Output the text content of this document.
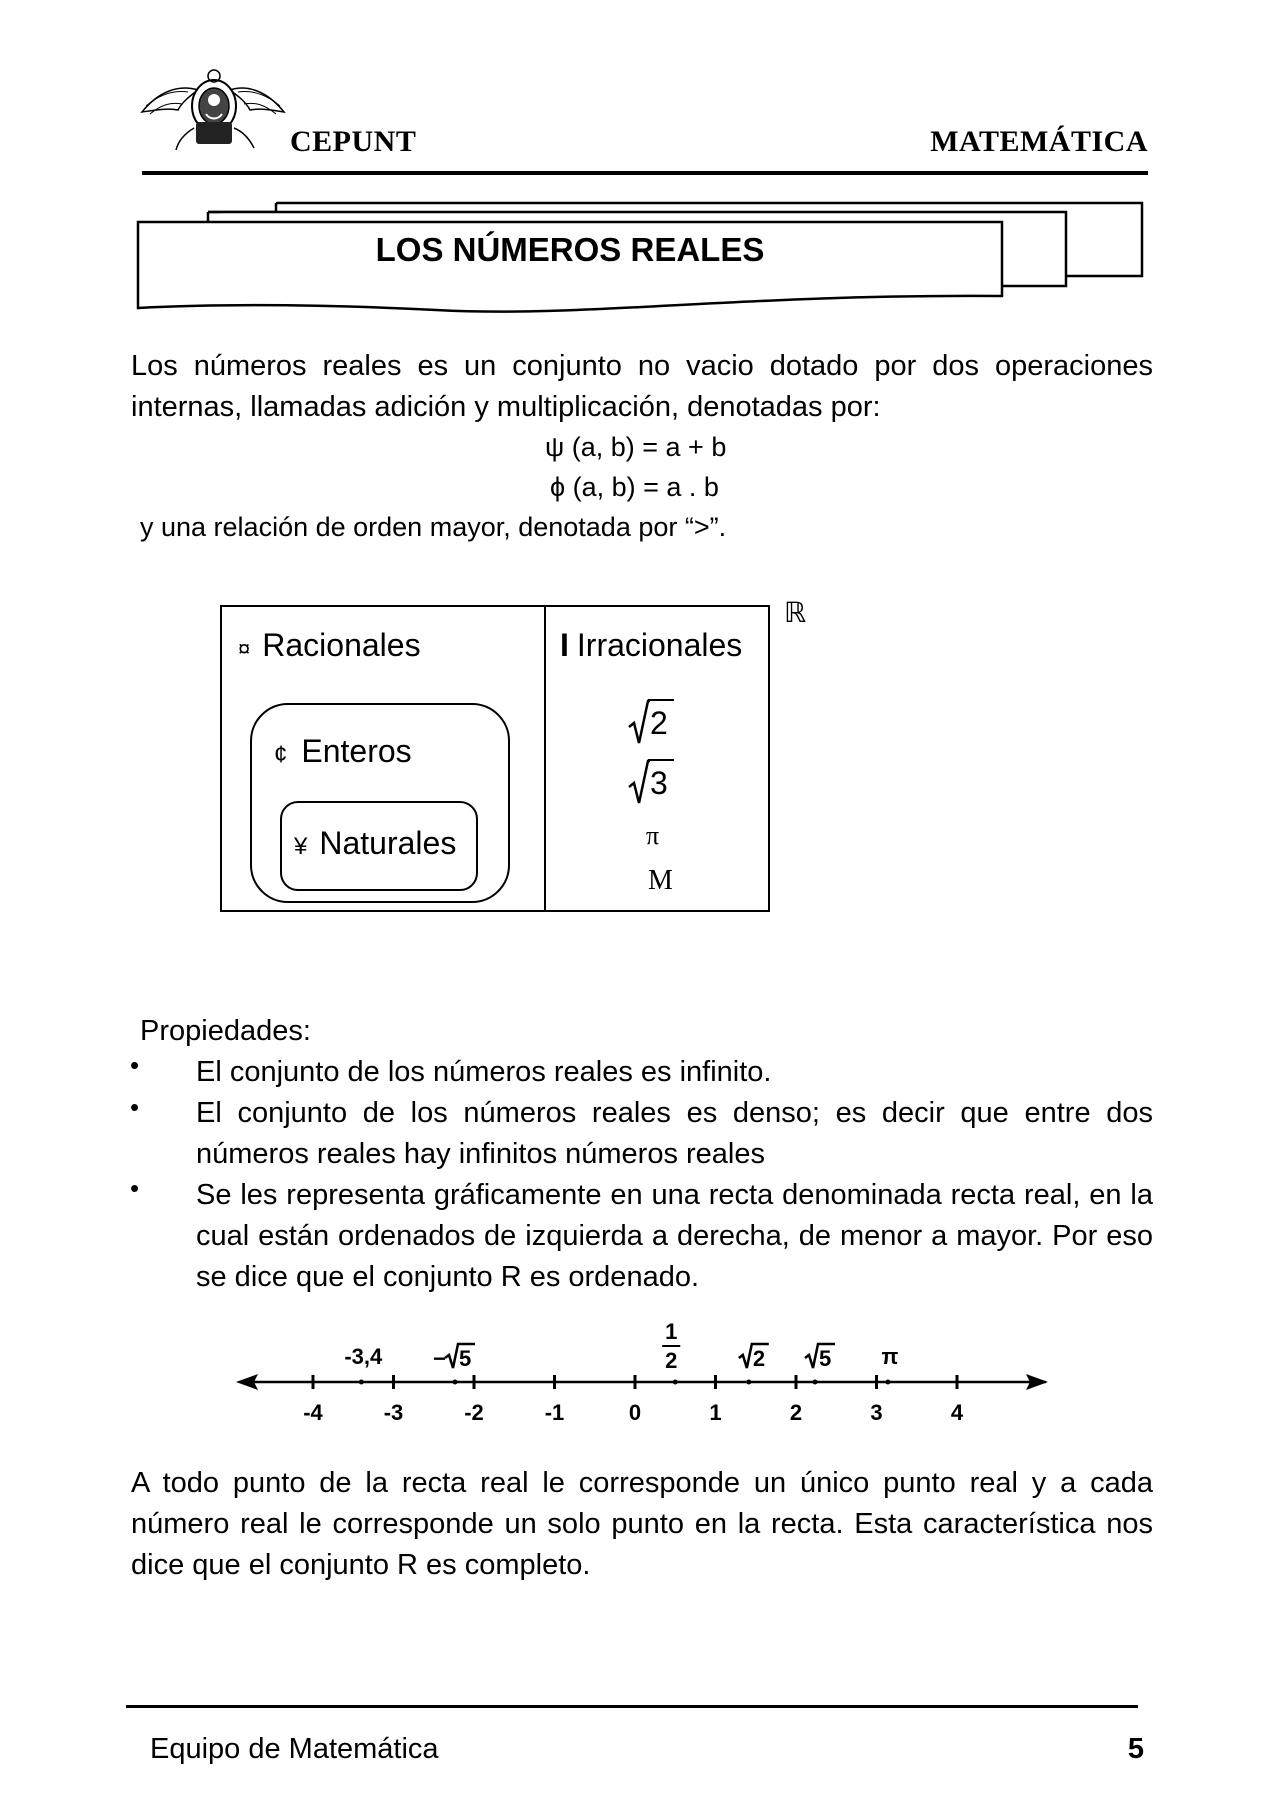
CEPUNT	MATEMÁTICA
LOS NÚMEROS REALES
Los números reales es un conjunto no vacio dotado por dos operaciones internas, llamadas adición y multiplicación, denotadas por:
ψ (a, b) = a + b
ϕ (a, b) = a . b
y una relación de orden mayor, denotada por “>”.
ℝ
¤ Racionales
¢ Enteros
¥ Naturales
I Irracionales
2
3
π
M
Propiedades:
• El conjunto de los números reales es infinito.
• El conjunto de los números reales es denso; es decir que entre dos números reales hay infinitos números reales
• Se les representa gráficamente en una recta denominada recta real, en la cual están ordenados de izquierda a derecha, de menor a mayor. Por eso se dice que el conjunto R es ordenado.
-4	-3	-2	-1	0	1	2	3	4
-3,4 − 5
1
2	2 5 π
A todo punto de la recta real le corresponde un único punto real y a cada número real le corresponde un solo punto en la recta. Esta característica nos dice que el conjunto R es completo.
Equipo de Matemática	5
